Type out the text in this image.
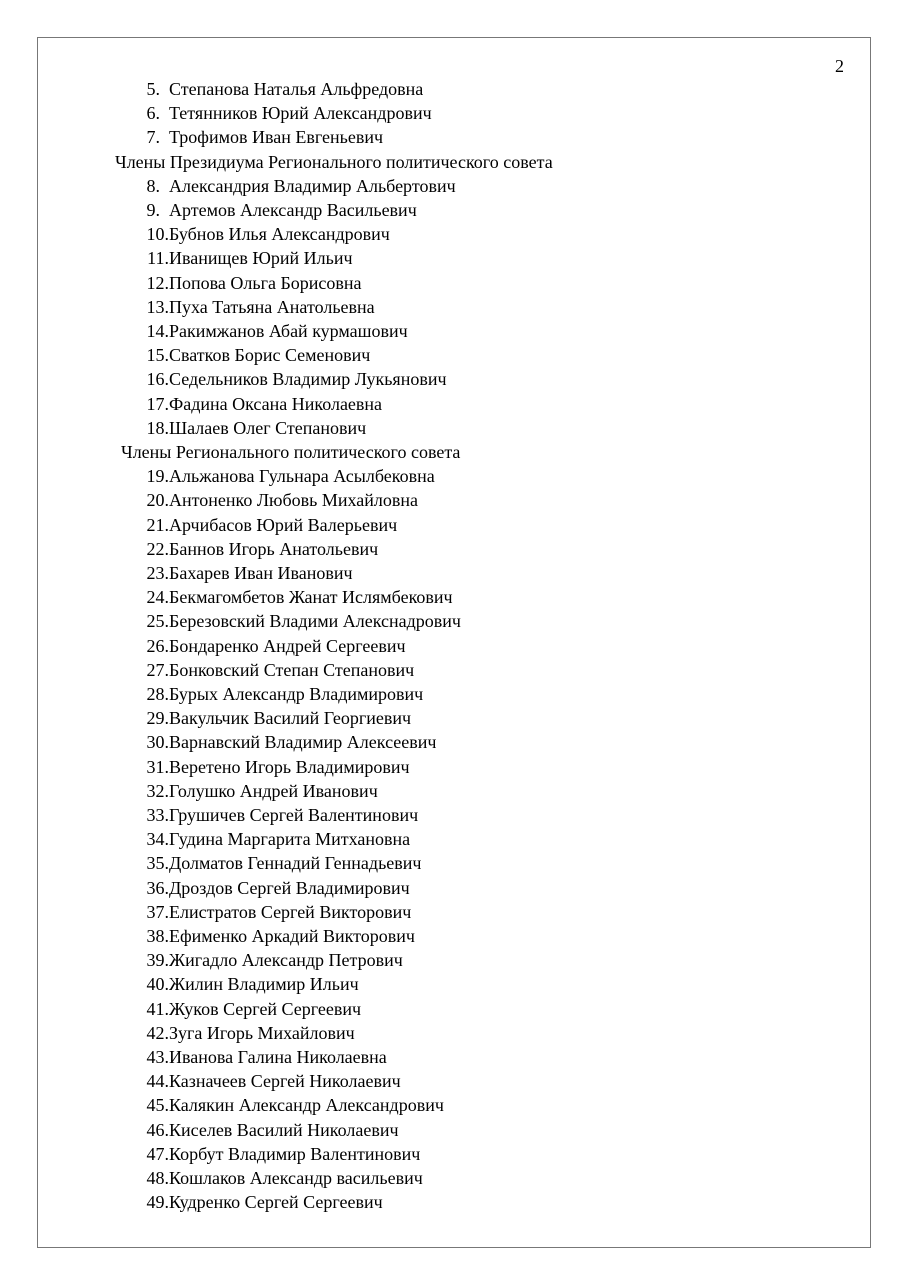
2
5. Степанова Наталья Альфредовна
6. Тетянников Юрий Александрович
7. Трофимов Иван Евгеньевич
Члены Президиума Регионального политического совета
8. Александрия Владимир Альбертович
9. Артемов Александр Васильевич
10. Бубнов Илья Александрович
11. Иванищев Юрий Ильич
12. Попова Ольга Борисовна
13. Пуха Татьяна Анатольевна
14. Ракимжанов Абай курмашович
15. Сватков Борис Семенович
16. Седельников Владимир Лукьянович
17. Фадина Оксана Николаевна
18. Шалаев Олег Степанович
Члены Регионального политического совета
19. Альжанова Гульнара Асылбековна
20. Антоненко Любовь Михайловна
21. Арчибасов Юрий Валерьевич
22. Баннов Игорь Анатольевич
23. Бахарев Иван Иванович
24. Бекмагомбетов Жанат Ислямбекович
25. Березовский Владими Алекснадрович
26. Бондаренко Андрей Сергеевич
27. Бонковский Степан Степанович
28. Бурых Александр Владимирович
29. Вакульчик Василий Георгиевич
30. Варнавский Владимир Алексеевич
31. Веретено Игорь Владимирович
32. Голушко Андрей Иванович
33. Грушичев Сергей Валентинович
34. Гудина Маргарита Митхановна
35. Долматов Геннадий Геннадьевич
36. Дроздов Сергей Владимирович
37. Елистратов Сергей Викторович
38. Ефименко Аркадий Викторович
39. Жигадло Александр Петрович
40. Жилин Владимир Ильич
41. Жуков Сергей Сергеевич
42. Зуга Игорь Михайлович
43. Иванова Галина Николаевна
44. Казначеев Сергей Николаевич
45. Калякин Александр Александрович
46. Киселев Василий Николаевич
47. Корбут Владимир Валентинович
48. Кошлаков Александр васильевич
49. Кудренко Сергей Сергеевич
